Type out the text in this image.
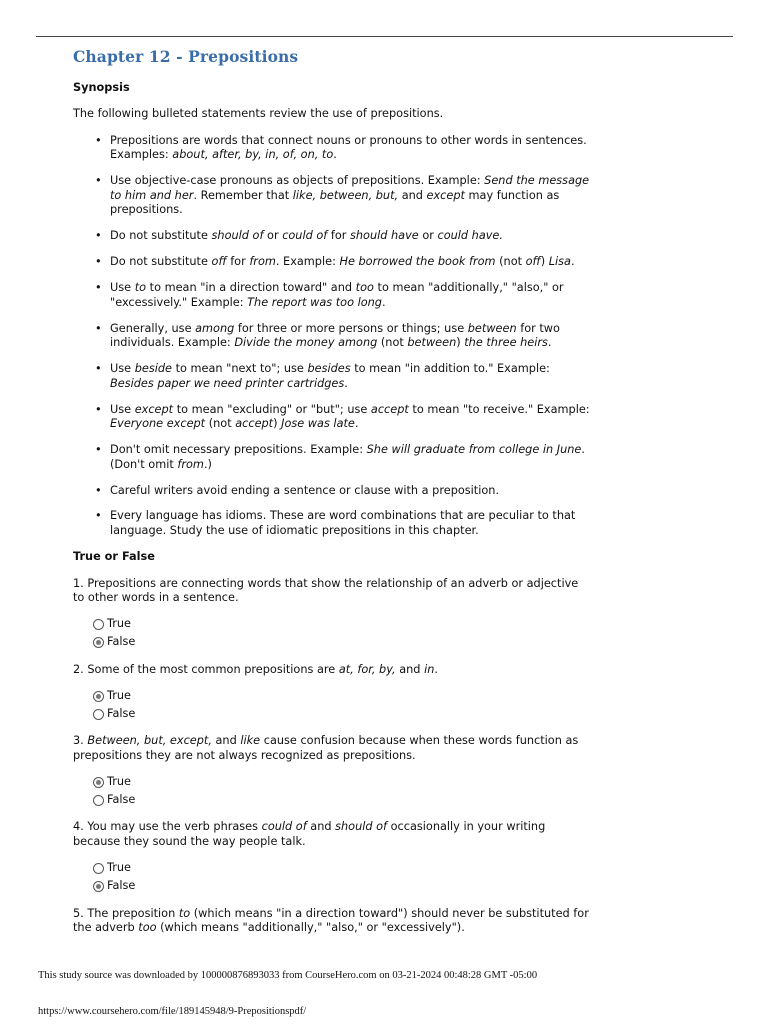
Chapter 12 - Prepositions
Synopsis

The following bulleted statements review the use of prepositions.

• Prepositions are words that connect nouns or pronouns to other words in sentences. Examples: about, after, by, in, of, on, to.
• Use objective-case pronouns as objects of prepositions. Example: Send the message to him and her. Remember that like, between, but, and except may function as prepositions.
• Do not substitute should of or could of for should have or could have.
• Do not substitute off for from. Example: He borrowed the book from (not off) Lisa.
• Use to to mean "in a direction toward" and too to mean "additionally," "also," or "excessively." Example: The report was too long.
• Generally, use among for three or more persons or things; use between for two individuals. Example: Divide the money among (not between) the three heirs.
• Use beside to mean "next to"; use besides to mean "in addition to." Example: Besides paper we need printer cartridges.
• Use except to mean "excluding" or "but"; use accept to mean "to receive." Example: Everyone except (not accept) Jose was late.
• Don't omit necessary prepositions. Example: She will graduate from college in June. (Don't omit from.)
• Careful writers avoid ending a sentence or clause with a preposition.
• Every language has idioms. These are word combinations that are peculiar to that language. Study the use of idiomatic prepositions in this chapter.
True or False
1. Prepositions are connecting words that show the relationship of an adverb or adjective to other words in a sentence.
True
False
2. Some of the most common prepositions are at, for, by, and in.
True
False
3. Between, but, except, and like cause confusion because when these words function as prepositions they are not always recognized as prepositions.
True
False
4. You may use the verb phrases could of and should of occasionally in your writing because they sound the way people talk.
True
False
5. The preposition to (which means "in a direction toward") should never be substituted for the adverb too (which means "additionally," "also," or "excessively").
This study source was downloaded by 100000876893033 from CourseHero.com on 03-21-2024 00:48:28 GMT -05:00
https://www.coursehero.com/file/189145948/9-Prepositionspdf/
